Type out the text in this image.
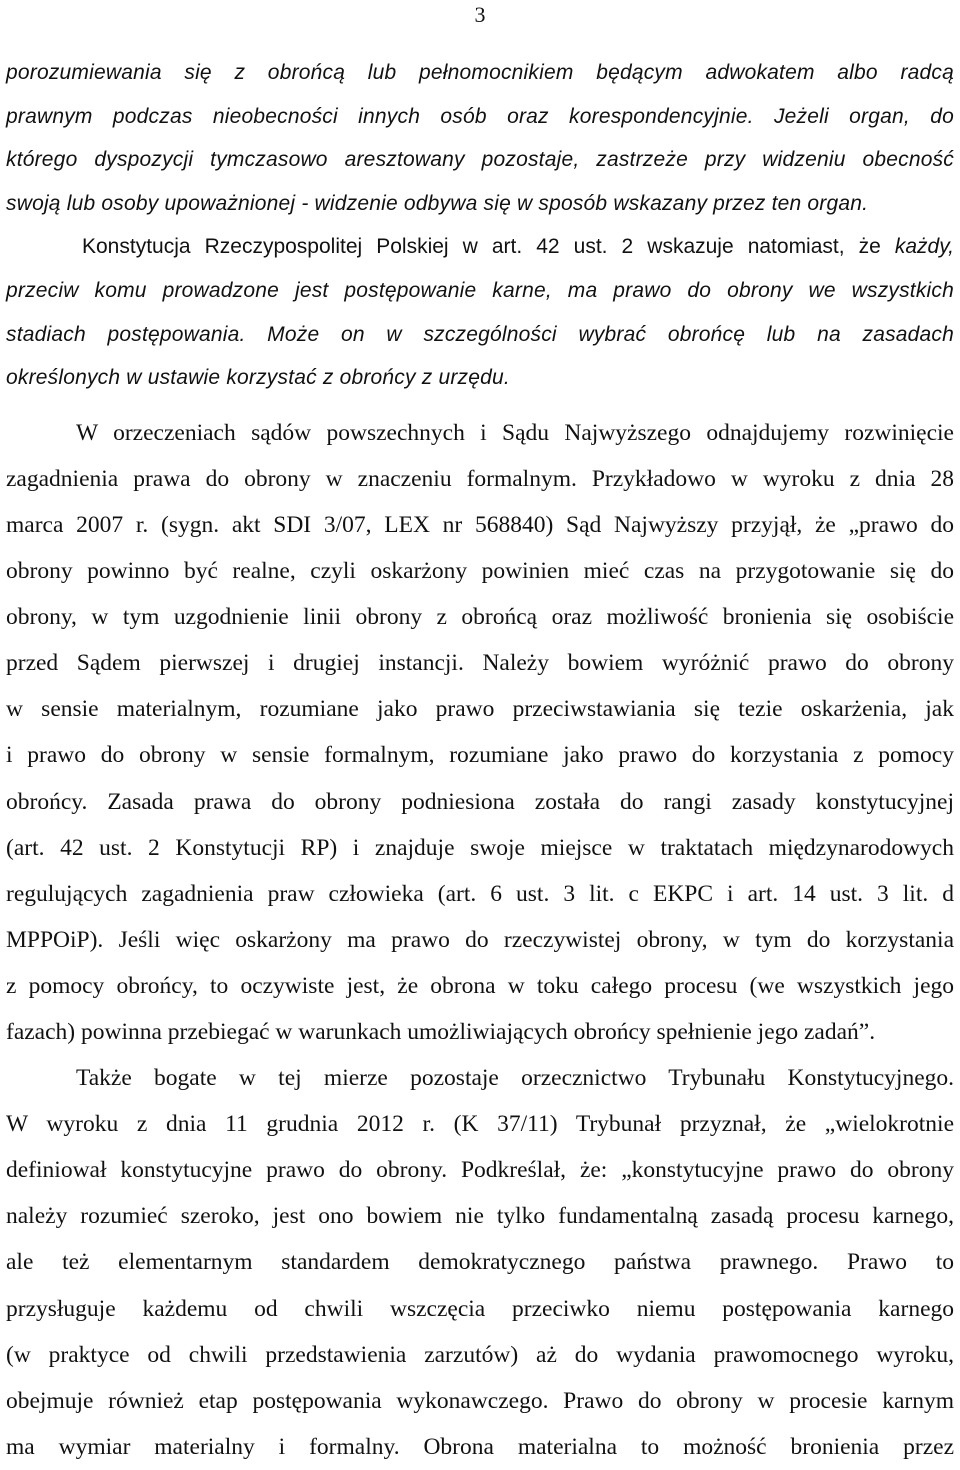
3
porozumiewania się z obrońcą lub pełnomocnikiem będącym adwokatem albo radcą
prawnym podczas nieobecności innych osób oraz korespondencyjnie. Jeżeli organ, do
którego dyspozycji tymczasowo aresztowany pozostaje, zastrzeże przy widzeniu obecność
swoją lub osoby upoważnionej - widzenie odbywa się w sposób wskazany przez ten organ.
Konstytucja Rzeczypospolitej Polskiej w art. 42 ust. 2 wskazuje natomiast, że każdy,
przeciw komu prowadzone jest postępowanie karne, ma prawo do obrony we wszystkich
stadiach postępowania. Może on w szczególności wybrać obrońcę lub na zasadach
określonych w ustawie korzystać z obrońcy z urzędu.
W orzeczeniach sądów powszechnych i Sądu Najwyższego odnajdujemy rozwinięcie
zagadnienia prawa do obrony w znaczeniu formalnym. Przykładowo w wyroku z dnia 28
marca 2007 r. (sygn. akt SDI 3/07, LEX nr 568840) Sąd Najwyższy przyjął, że „prawo do
obrony powinno być realne, czyli oskarżony powinien mieć czas na przygotowanie się do
obrony, w tym uzgodnienie linii obrony z obrońcą oraz możliwość bronienia się osobiście
przed Sądem pierwszej i drugiej instancji. Należy bowiem wyróżnić prawo do obrony
w sensie materialnym, rozumiane jako prawo przeciwstawiania się tezie oskarżenia, jak
i prawo do obrony w sensie formalnym, rozumiane jako prawo do korzystania z pomocy
obrońcy. Zasada prawa do obrony podniesiona została do rangi zasady konstytucyjnej
(art. 42 ust. 2 Konstytucji RP) i znajduje swoje miejsce w traktatach międzynarodowych
regulujących zagadnienia praw człowieka (art. 6 ust. 3 lit. c EKPC i art. 14 ust. 3 lit. d
MPPOiP). Jeśli więc oskarżony ma prawo do rzeczywistej obrony, w tym do korzystania
z pomocy obrońcy, to oczywiste jest, że obrona w toku całego procesu (we wszystkich jego
fazach) powinna przebiegać w warunkach umożliwiających obrońcy spełnienie jego zadań”.
Także bogate w tej mierze pozostaje orzecznictwo Trybunału Konstytucyjnego.
W wyroku z dnia 11 grudnia 2012 r. (K 37/11) Trybunał przyznał, że „wielokrotnie
definiował konstytucyjne prawo do obrony. Podkreślał, że: „konstytucyjne prawo do obrony
należy rozumieć szeroko, jest ono bowiem nie tylko fundamentalną zasadą procesu karnego,
ale też elementarnym standardem demokratycznego państwa prawnego. Prawo to
przysługuje każdemu od chwili wszczęcia przeciwko niemu postępowania karnego
(w praktyce od chwili przedstawienia zarzutów) aż do wydania prawomocnego wyroku,
obejmuje również etap postępowania wykonawczego. Prawo do obrony w procesie karnym
ma wymiar materialny i formalny. Obrona materialna to możność bronienia przez
